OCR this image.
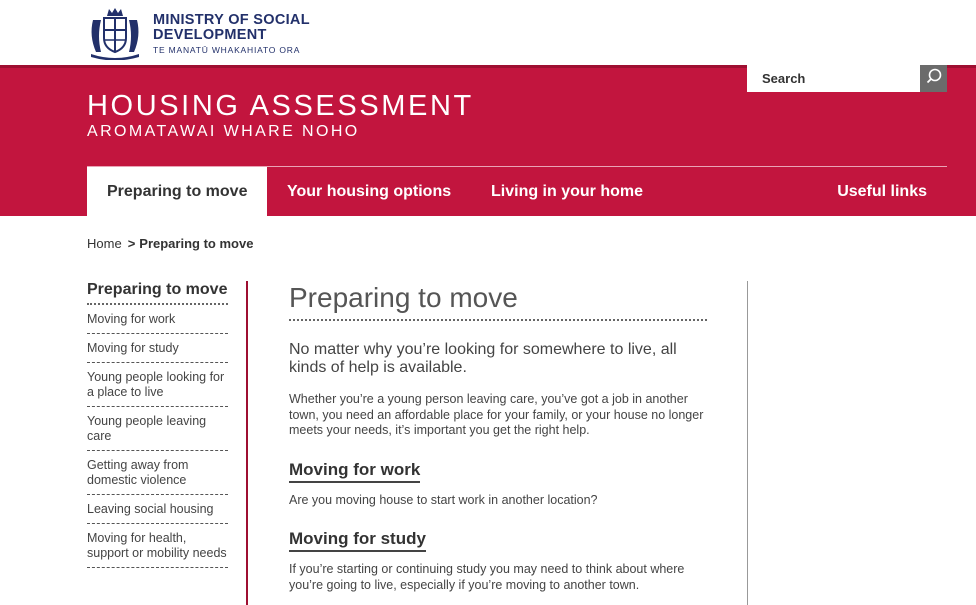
MINISTRY OF SOCIAL
DEVELOPMENT
TE MANATŪ WHAKAHIATO ORA
HOUSING ASSESSMENT
AROMATAWAI WHARE NOHO
Search
Preparing to move	Your housing options	Living in your home	Useful links
Home > Preparing to move
Preparing to move
Moving for work
Moving for study
Young people looking for a place to live
Young people leaving care
Getting away from domestic violence
Leaving social housing
Moving for health, support or mobility needs
Preparing to move

No matter why you’re looking for somewhere to live, all kinds of help is available.

Whether you’re a young person leaving care, you’ve got a job in another town, you need an affordable place for your family, or your house no longer meets your needs, it’s important you get the right help.

Moving for work

Are you moving house to start work in another location?

Moving for study

If you’re starting or continuing study you may need to think about where you’re going to live, especially if you’re moving to another town.
